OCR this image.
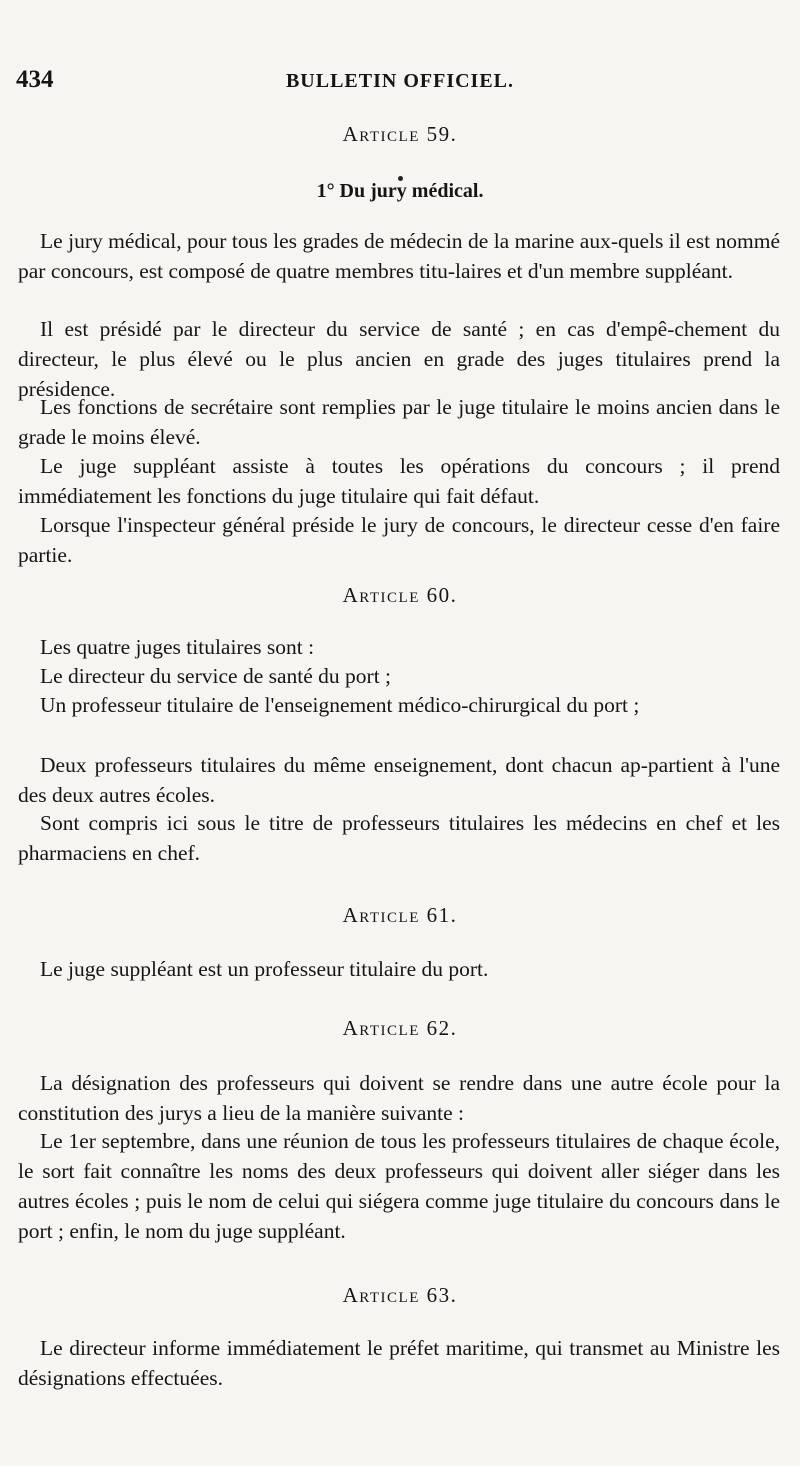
434	BULLETIN OFFICIEL.
Article 59.
1° Du jury médical.

Le jury médical, pour tous les grades de médecin de la marine aux-quels il est nommé par concours, est composé de quatre membres titu-laires et d'un membre suppléant.

Il est présidé par le directeur du service de santé ; en cas d'empê-chement du directeur, le plus élevé ou le plus ancien en grade des juges titulaires prend la présidence.

Les fonctions de secrétaire sont remplies par le juge titulaire le moins ancien dans le grade le moins élevé.

Le juge suppléant assiste à toutes les opérations du concours ; il prend immédiatement les fonctions du juge titulaire qui fait défaut.

Lorsque l'inspecteur général préside le jury de concours, le directeur cesse d'en faire partie.

Article 60.

Les quatre juges titulaires sont :

Le directeur du service de santé du port ;

Un professeur titulaire de l'enseignement médico-chirurgical du port ;

Deux professeurs titulaires du même enseignement, dont chacun ap-partient à l'une des deux autres écoles.

Sont compris ici sous le titre de professeurs titulaires les médecins en chef et les pharmaciens en chef.

Article 61.

Le juge suppléant est un professeur titulaire du port.

Article 62.

La désignation des professeurs qui doivent se rendre dans une autre école pour la constitution des jurys a lieu de la manière suivante :

Le 1er septembre, dans une réunion de tous les professeurs titulaires de chaque école, le sort fait connaître les noms des deux professeurs qui doivent aller siéger dans les autres écoles ; puis le nom de celui qui siégera comme juge titulaire du concours dans le port ; enfin, le nom du juge suppléant.

Article 63.

Le directeur informe immédiatement le préfet maritime, qui transmet au Ministre les désignations effectuées.
